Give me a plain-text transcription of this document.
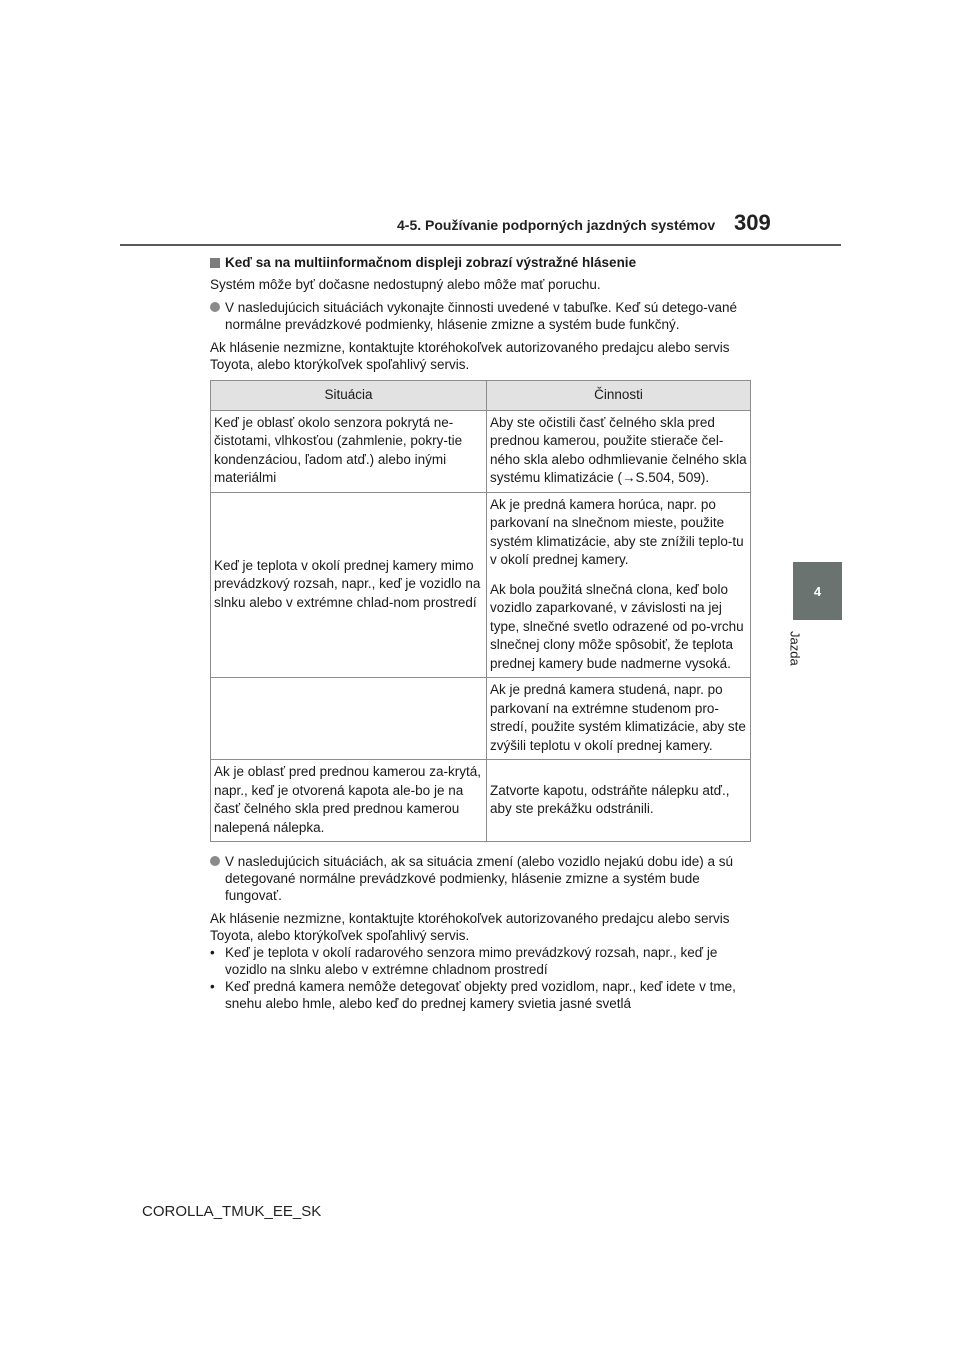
4-5. Používanie podporných jazdných systémov 309
4
Jazda
Keď sa na multiinformačnom displeji zobrazí výstražné hlásenie

Systém môže byť dočasne nedostupný alebo môže mať poruchu.

V nasledujúcich situáciách vykonajte činnosti uvedené v tabuľke. Keď sú detego-vané normálne prevádzkové podmienky, hlásenie zmizne a systém bude funkčný.

Ak hlásenie nezmizne, kontaktujte ktoréhokoľvek autorizovaného predajcu alebo servis Toyota, alebo ktorýkoľvek spoľahlivý servis.

Situácia	Činnosti
Keď je oblasť okolo senzora pokrytá ne-čistotami, vlhkosťou (zahmlenie, pokry-tie kondenzáciou, ľadom atď.) alebo inými materiálmi	Aby ste očistili časť čelného skla pred prednou kamerou, použite stierače čel-ného skla alebo odhmlievanie čelného skla systému klimatizácie (→S.504, 509).
Keď je teplota v okolí prednej kamery mimo prevádzkový rozsah, napr., keď je vozidlo na slnku alebo v extrémne chlad-nom prostredí	Ak je predná kamera horúca, napr. po parkovaní na slnečnom mieste, použite systém klimatizácie, aby ste znížili teplo-tu v okolí prednej kamery.
Ak bola použitá slnečná clona, keď bolo vozidlo zaparkované, v závislosti na jej type, slnečné svetlo odrazené od po-vrchu slnečnej clony môže spôsobiť, že teplota prednej kamery bude nadmerne vysoká.

	Ak je predná kamera studená, napr. po parkovaní na extrémne studenom pro-stredí, použite systém klimatizácie, aby ste zvýšili teplotu v okolí prednej kamery.
Ak je oblasť pred prednou kamerou za-krytá, napr., keď je otvorená kapota ale-bo je na časť čelného skla pred prednou kamerou nalepená nálepka.	Zatvorte kapotu, odstráňte nálepku atď., aby ste prekážku odstránili.
V nasledujúcich situáciách, ak sa situácia zmení (alebo vozidlo nejakú dobu ide) a sú detegované normálne prevádzkové podmienky, hlásenie zmizne a systém bude fungovať.
Ak hlásenie nezmizne, kontaktujte ktoréhokoľvek autorizovaného predajcu alebo servis Toyota, alebo ktorýkoľvek spoľahlivý servis.
• Keď je teplota v okolí radarového senzora mimo prevádzkový rozsah, napr., keď je vozidlo na slnku alebo v extrémne chladnom prostredí
• Keď predná kamera nemôže detegovať objekty pred vozidlom, napr., keď idete v tme, snehu alebo hmle, alebo keď do prednej kamery svietia jasné svetlá
COROLLA_TMUK_EE_SK
